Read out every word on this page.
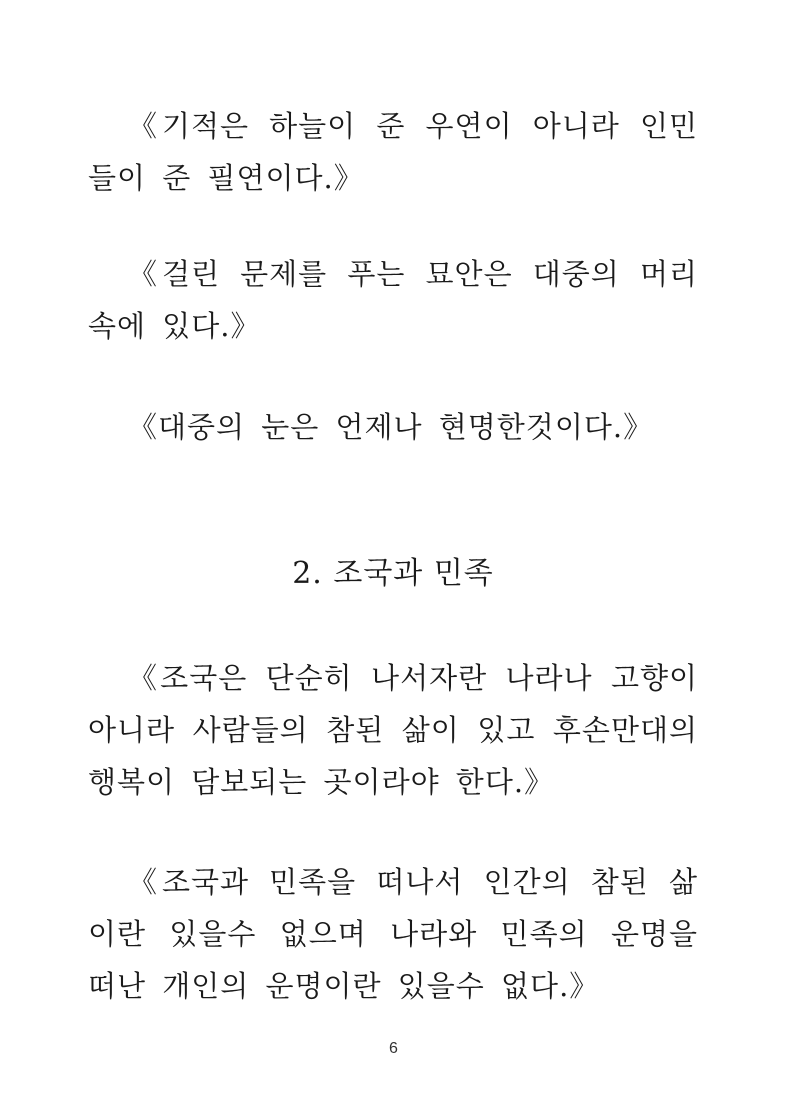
《기적은 하늘이 준 우연이 아니라 인민들이 준 필연이다.》

《걸린 문제를 푸는 묘안은 대중의 머리속에 있다.》

《대중의 눈은 언제나 현명한것이다.》

2. 조국과 민족

《조국은 단순히 나서자란 나라나 고향이 아니라 사람들의 참된 삶이 있고 후손만대의 행복이 담보되는 곳이라야 한다.》

《조국과 민족을 떠나서 인간의 참된 삶이란 있을수 없으며 나라와 민족의 운명을 떠난 개인의 운명이란 있을수 없다.》

6
